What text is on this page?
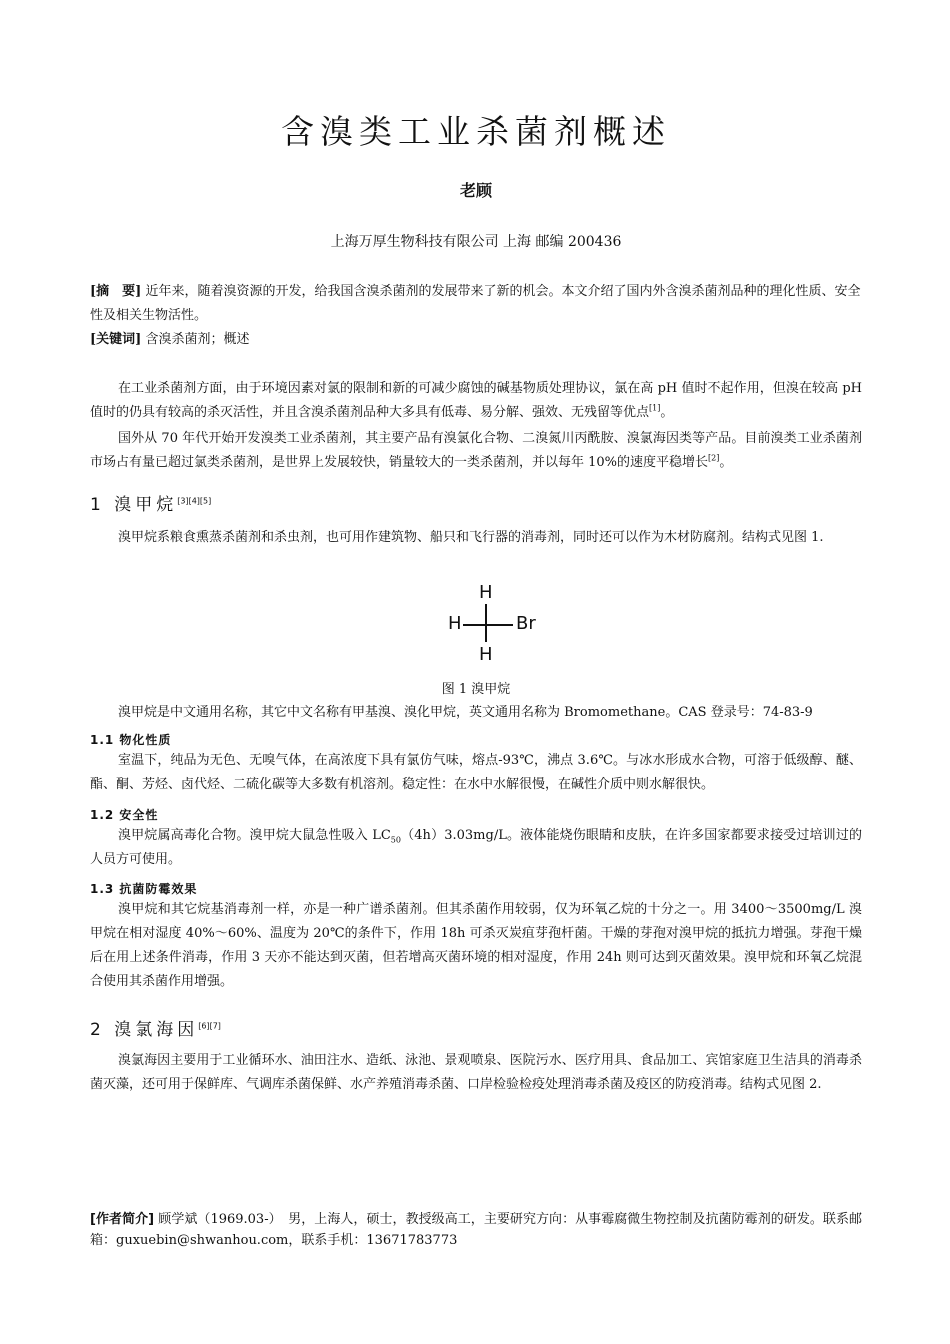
含溴类工业杀菌剂概述
老顾
上海万厚生物科技有限公司 上海 邮编 200436
[摘　要] 近年来，随着溴资源的开发，给我国含溴杀菌剂的发展带来了新的机会。本文介绍了国内外含溴杀菌剂品种的理化性质、安全性及相关生物活性。
[关键词] 含溴杀菌剂；概述
在工业杀菌剂方面，由于环境因素对氯的限制和新的可减少腐蚀的碱基物质处理协议，氯在高 pH 值时不起作用，但溴在较高 pH 值时的仍具有较高的杀灭活性，并且含溴杀菌剂品种大多具有低毒、易分解、强效、无残留等优点[1]。
国外从 70 年代开始开发溴类工业杀菌剂，其主要产品有溴氯化合物、二溴氮川丙酰胺、溴氯海因类等产品。目前溴类工业杀菌剂市场占有量已超过氯类杀菌剂，是世界上发展较快，销量较大的一类杀菌剂，并以每年 10%的速度平稳增长[2]。
1 溴甲烷[3][4][5]
溴甲烷系粮食熏蒸杀菌剂和杀虫剂，也可用作建筑物、船只和飞行器的消毒剂，同时还可以作为木材防腐剂。结构式见图 1.
H
H	Br
H
图 1 溴甲烷
溴甲烷是中文通用名称，其它中文名称有甲基溴、溴化甲烷，英文通用名称为 Bromomethane。CAS 登录号：74-83-9
1.1 物化性质
室温下，纯品为无色、无嗅气体，在高浓度下具有氯仿气味，熔点-93℃，沸点 3.6℃。与冰水形成水合物，可溶于低级醇、醚、酯、酮、芳烃、卤代烃、二硫化碳等大多数有机溶剂。稳定性：在水中水解很慢，在碱性介质中则水解很快。
1.2 安全性
溴甲烷属高毒化合物。溴甲烷大鼠急性吸入 $LC_{50}(4h)3.03mg/L$。液体能烧伤眼睛和皮肤，在许多国家都要求接受过培训过的人员方可使用。
1.3 抗菌防霉效果
溴甲烷和其它烷基消毒剂一样，亦是一种广谱杀菌剂。但其杀菌作用较弱，仅为环氧乙烷的十分之一。用 3400～3500mg/L 溴甲烷在相对湿度 40%～60%、温度为 20℃的条件下，作用 18h 可杀灭炭疽芽孢杆菌。干燥的芽孢对溴甲烷的抵抗力增强。芽孢干燥后在用上述条件消毒，作用 3 天亦不能达到灭菌，但若增高灭菌环境的相对湿度，作用 24h 则可达到灭菌效果。溴甲烷和环氧乙烷混合使用其杀菌作用增强。
2 溴氯海因[6][7]
溴氯海因主要用于工业循环水、油田注水、造纸、泳池、景观喷泉、医院污水、医疗用具、食品加工、宾馆家庭卫生洁具的消毒杀菌灭藻，还可用于保鲜库、气调库杀菌保鲜、水产养殖消毒杀菌、口岸检验检疫处理消毒杀菌及疫区的防疫消毒。结构式见图 2.
[作者简介] 顾学斌（1969.03-）　男，上海人，硕士，教授级高工，主要研究方向：从事霉腐微生物控制及抗菌防霉剂的研发。联系邮箱：guxuebin@shwanhou.com，联系手机：13671783773
